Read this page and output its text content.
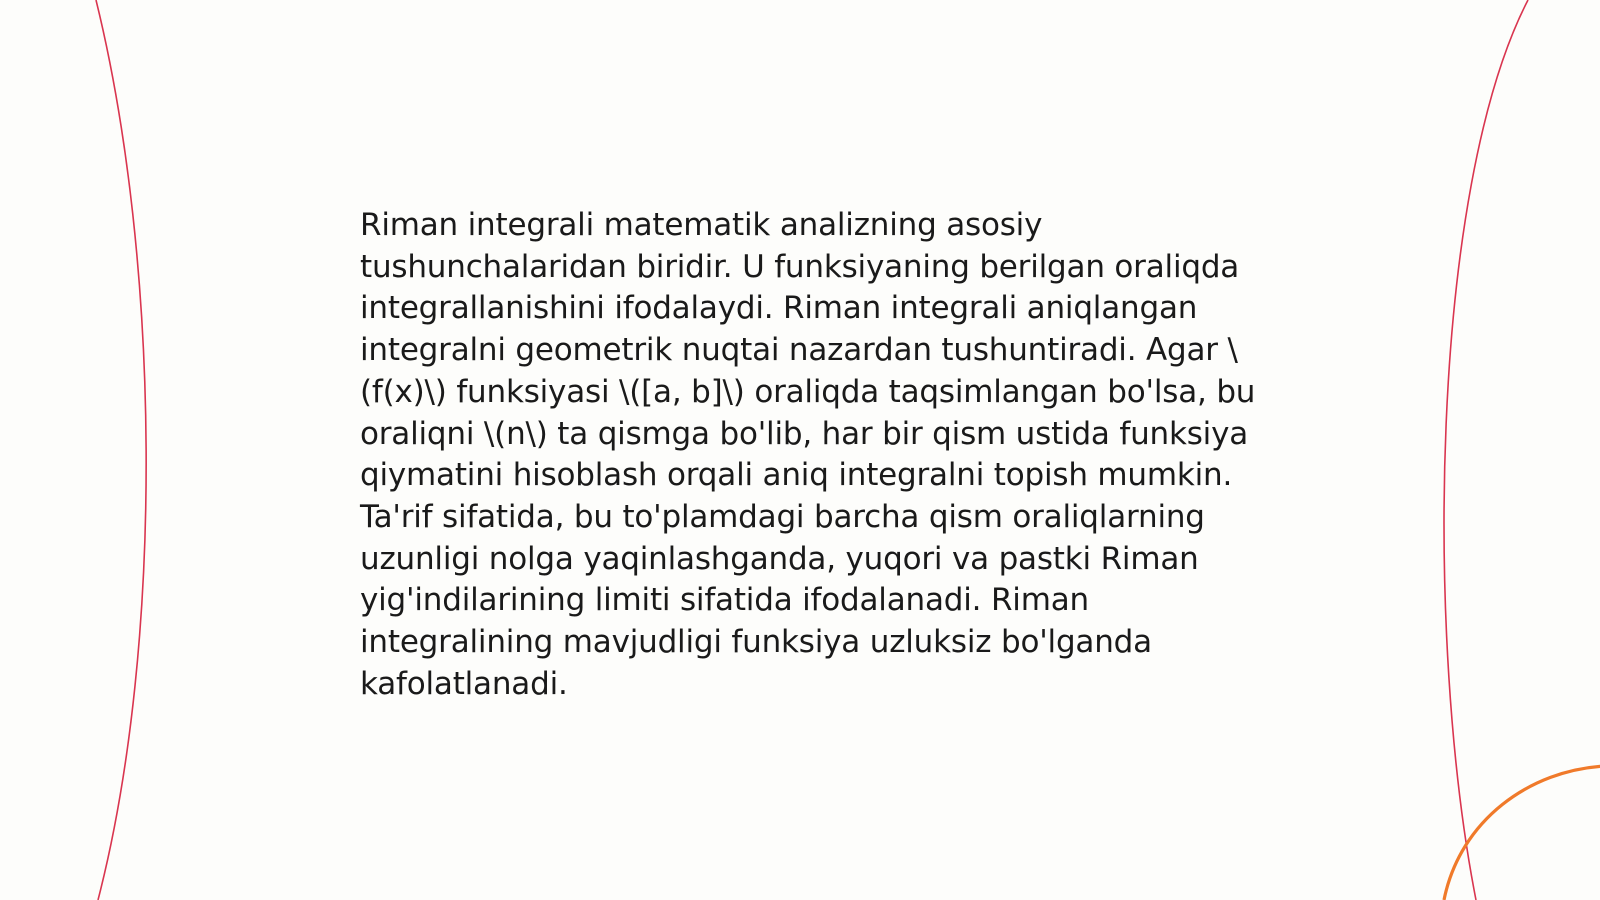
Riman integrali matematik analizning asosiy tushunchalaridan biridir. U funksiyaning berilgan oraliqda integrallanishini ifodalaydi. Riman integrali aniqlangan integralni geometrik nuqtai nazardan tushuntiradi. Agar \(f(x)\) funksiyasi \([a, b]\) oraliqda taqsimlangan bo'lsa, bu oraliqni \(n\) ta qismga bo'lib, har bir qism ustida funksiya qiymatini hisoblash orqali aniq integralni topish mumkin. Ta'rif sifatida, bu to'plamdagi barcha qism oraliqlarning uzunligi nolga yaqinlashganda, yuqori va pastki Riman yig'indilarining limiti sifatida ifodalanadi. Riman integralining mavjudligi funksiya uzluksiz bo'lganda kafolatlanadi.
